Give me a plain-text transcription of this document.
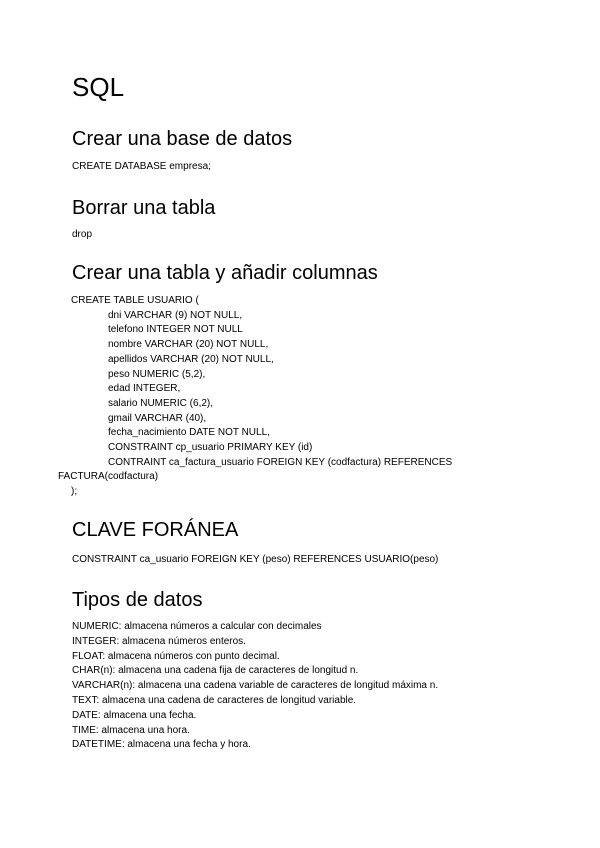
SQL
Crear una base de datos
CREATE DATABASE empresa;
Borrar una tabla
drop
Crear una tabla y añadir columnas
CREATE TABLE USUARIO (
dni VARCHAR (9) NOT NULL,
telefono INTEGER NOT NULL
nombre VARCHAR (20) NOT NULL,
apellidos VARCHAR (20) NOT NULL,
peso NUMERIC (5,2),
edad INTEGER,
salario NUMERIC (6,2),
gmail VARCHAR (40),
fecha_nacimiento DATE NOT NULL,
CONSTRAINT cp_usuario PRIMARY KEY (id)
CONTRAINT ca_factura_usuario FOREIGN KEY (codfactura) REFERENCES
FACTURA(codfactura)
);
CLAVE FORÁNEA
CONSTRAINT ca_usuario FOREIGN KEY (peso) REFERENCES USUARIO(peso)
Tipos de datos
NUMERIC: almacena números a calcular con decimales
INTEGER: almacena números enteros.
FLOAT: almacena números con punto decimal.
CHAR(n): almacena una cadena fija de caracteres de longitud n.
VARCHAR(n): almacena una cadena variable de caracteres de longitud máxima n.
TEXT: almacena una cadena de caracteres de longitud variable.
DATE: almacena una fecha.
TIME: almacena una hora.
DATETIME: almacena una fecha y hora.
